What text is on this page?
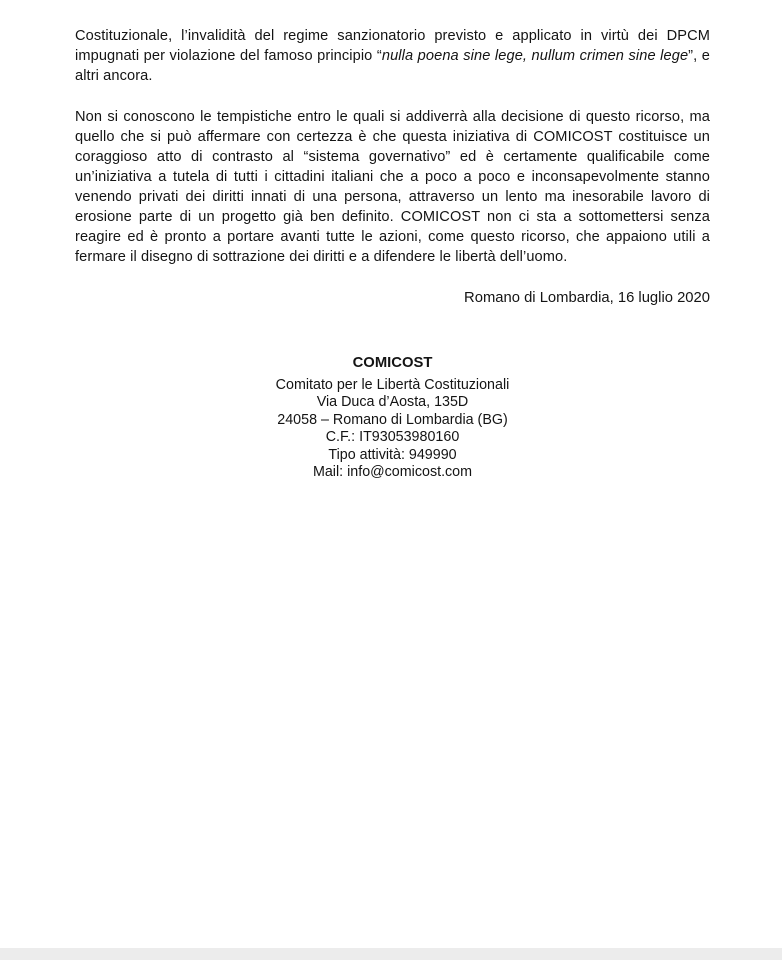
Costituzionale, l’invalidità del regime sanzionatorio previsto e applicato in virtù dei DPCM impugnati per violazione del famoso principio “nulla poena sine lege, nullum crimen sine lege”, e altri ancora.

Non si conoscono le tempistiche entro le quali si addiverrà alla decisione di questo ricorso, ma quello che si può affermare con certezza è che questa iniziativa di COMICOST costituisce un coraggioso atto di contrasto al “sistema governativo” ed è certamente qualificabile come un’iniziativa a tutela di tutti i cittadini italiani che a poco a poco e inconsapevolmente stanno venendo privati dei diritti innati di una persona, attraverso un lento ma inesorabile lavoro di erosione parte di un progetto già ben definito. COMICOST non ci sta a sottomettersi senza reagire ed è pronto a portare avanti tutte le azioni, come questo ricorso, che appaiono utili a fermare il disegno di sottrazione dei diritti e a difendere le libertà dell’uomo.

Romano di Lombardia, 16 luglio 2020

COMICOST

Comitato per le Libertà Costituzionali

Via Duca d’Aosta, 135D

24058 – Romano di Lombardia (BG)

C.F.: IT93053980160

Tipo attività: 949990

Mail: info@comicost.com
